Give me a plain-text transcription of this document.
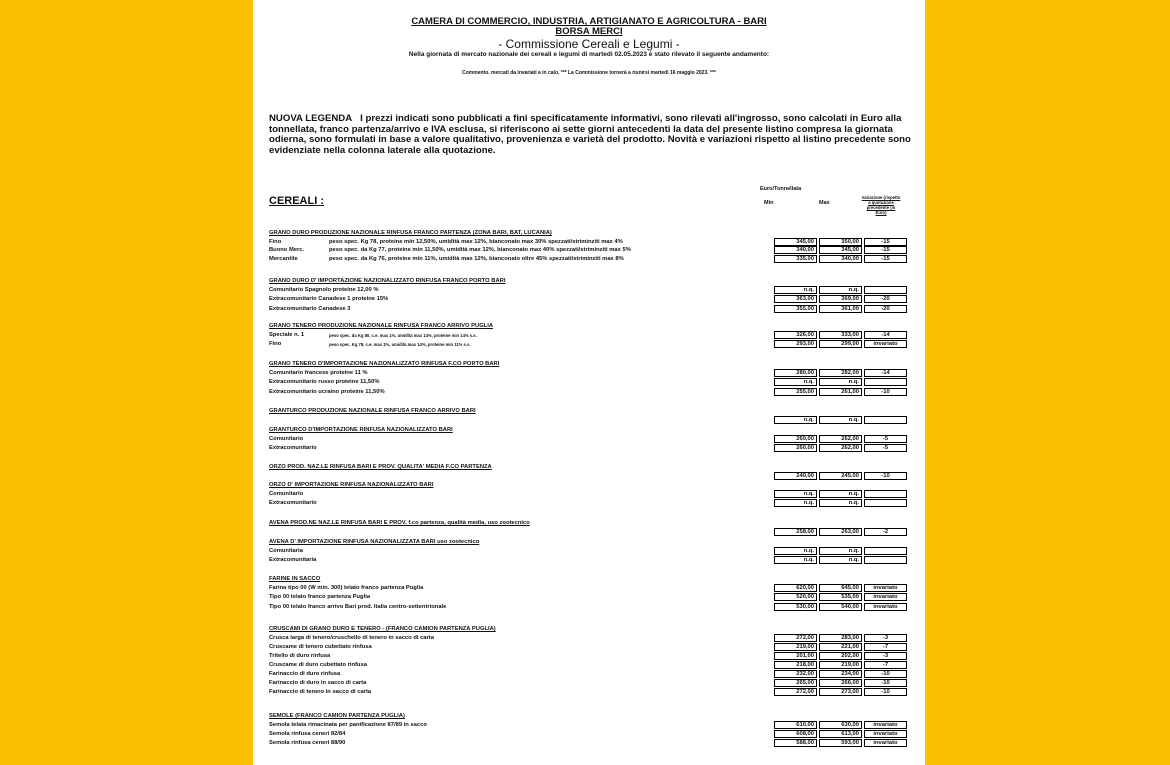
CAMERA DI COMMERCIO, INDUSTRIA, ARTIGIANATO E AGRICOLTURA - BARI
BORSA MERCI
- Commissione Cereali e Legumi -
Nella giornata di mercato nazionale dei cereali e legumi di martedì 02.05.2023 è stato rilevato il seguente andamento:
Commento. mercati da invariati a in calo. *** La Commissione tornerà a riunirsi martedì 16 maggio 2023. ***
NUOVA LEGENDA I prezzi indicati sono pubblicati a fini specificatamente informativi, sono rilevati all'ingrosso, sono calcolati in Euro alla tonnellata, franco partenza/arrivo e IVA esclusa, si riferiscono ai sette giorni antecedenti la data del presente listino compresa la giornata odierna, sono formulati in base a valore qualitativo, provenienza e varietà del prodotto. Novità e variazioni rispetto al listino precedente sono evidenziate nella colonna laterale alla quotazione.
CEREALI :
Euro/Tonnellata
Min	Max
Variazione (rispetto a quotazione precedente (in Euro)
GRANO DURO PRODUZIONE NAZIONALE RINFUSA FRANCO PARTENZA (ZONA BARI, BAT, LUCANIA)
Fino	peso spec. Kg 78, proteine min 12,50%, umidità max 12%, bianconato max 30% spezzati/striminziti max 4%	345,00	350,00	-15
Buono Merc.	peso spec. da Kg 77, proteine min 11,50%, umidità max 12%, bianconato max 40% spezzati/striminziti max 5%	340,00	345,00	-15
Mercantile	peso spec. da Kg 76, proteine min 11%, umidità max 12%, bianconato oltre 45% spezzati/striminziti max 8%	335,00	340,00	-15
GRANO DURO D' IMPORTAZIONE NAZIONALIZZATO RINFUSA FRANCO PORTO BARI
Comunitario Spagnolo proteine 12,00 %	n.q.	n.q.
Extracomunitario Canadese 1 proteine 15%	363,00	369,00	-20
Extracomunitario Canadese 3	355,00	361,00	-20
GRANO TENERO PRODUZIONE NAZIONALE RINFUSA FRANCO ARRIVO PUGLIA
Speciale n. 1	peso spec. da Kg 80, c.e. max 1%, umidità max 14%, proteine min 14% s.s.	326,00	333,00	-14
Fino	peso spec. Kg 78, c.e. max 1%, umidità max 14%, proteine min 11% s.s.	293,00	299,00	invariato
GRANO TENERO D'IMPORTAZIONE NAZIONALIZZATO RINFUSA F.CO PORTO BARI
Comunitario francese proteine 11 %	280,00	282,00	-14
Extracomunitario russo proteine 11,50%	n.q.	n.q.
Extracomunitario ucraino proteine 11,50%	255,00	261,00	-10
GRANTURCO PRODUZIONE NAZIONALE RINFUSA FRANCO ARRIVO BARI
n.q.	n.q.
GRANTURCO D'IMPORTAZIONE RINFUSA NAZIONALIZZATO BARI
Comunitario	260,00	262,00	-5
Extracomunitario	260,00	262,00	-5
ORZO PROD. NAZ.LE RINFUSA BARI E PROV. QUALITA' MEDIA F.CO PARTENZA
240,00	245,00	-10
ORZO D' IMPORTAZIONE RINFUSA NAZIONALIZZATO BARI
Comunitario	n.q.	n.q.
Extracomunitario	n.q.	n.q.
AVENA PROD.NE NAZ.LE RINFUSA BARI E PROV. f.co partenza, qualità media, uso zootecnico
258,00	263,00	-2
AVENA D' IMPORTAZIONE RINFUSA NAZIONALIZZATA BARI uso zootecnico
Comunitaria	n.q.	n.q.
Extracomunitaria	n.q.	n.q.
FARINE IN SACCO
Farina tipo 00 (W min. 300) telato franco partenza Puglia	620,00	645,00	invariato
Tipo 00 telato franco partenza Puglia	520,00	535,00	invariato
Tipo 00 telato franco arrivo Bari prod. Italia centro-settentrionale	530,00	540,00	invariato
CRUSCAMI DI GRANO DURO E TENERO - (FRANCO CAMION PARTENZA PUGLIA)
Crusca larga di tenero/cruschello di tenero in sacco di carta	272,00	283,00	-3
Cruscame di tenero cubettato rinfusa	219,00	221,00	-7
Tritello di duro rinfusa	201,00	202,00	-3
Cruscame di duro cubettato rinfusa	218,00	219,00	-7
Farinaccio di duro rinfusa	232,00	234,00	-10
Farinaccio di duro in sacco di carta	265,00	266,00	-10
Farinaccio di tenero in sacco di carta	272,00	273,00	-10
SEMOLE (FRANCO CAMION PARTENZA PUGLIA)
Semola telata rimacinata per panificazione 87/89 in sacco	610,00	630,00	invariato
Semola rinfusa ceneri 82/84	608,00	613,00	invariato
Semola rinfusa ceneri 88/90	588,00	593,00	invariato
